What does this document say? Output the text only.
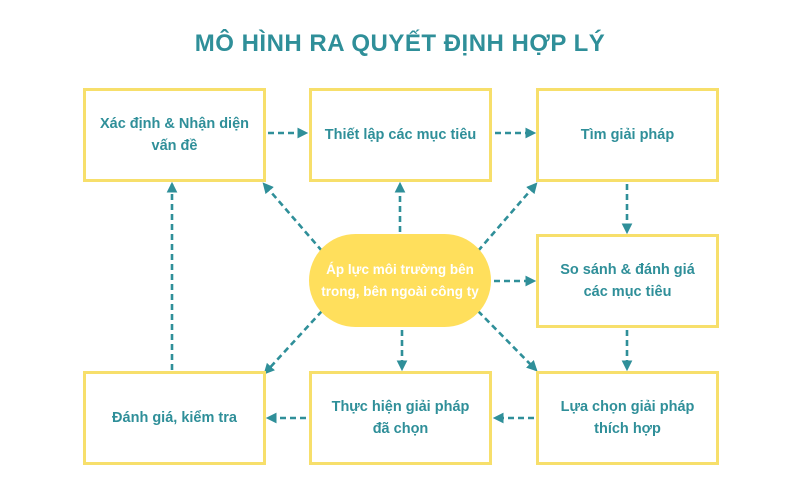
MÔ HÌNH RA QUYẾT ĐỊNH HỢP LÝ
Xác định & Nhận diện vấn đề
Thiết lập các mục tiêu	Tìm giải pháp
So sánh & đánh giá các mục tiêu
Lựa chọn giải pháp thích hợp
Thực hiện giải pháp đã chọn
Đánh giá, kiểm tra
Áp lực môi trường bên trong, bên ngoài công ty
